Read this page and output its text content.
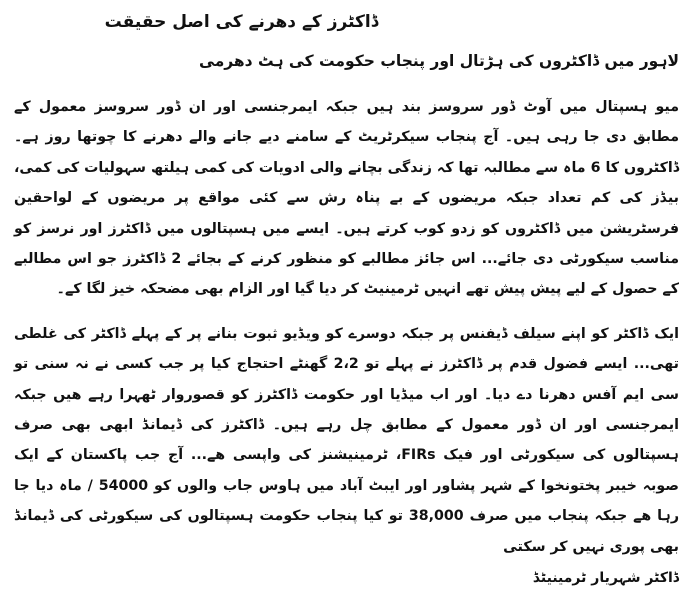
ڈاکٹرز کے دھرنے کی اصل حقیقت
لاہور میں ڈاکٹروں کی ہڑتال اور پنجاب حکومت کی ہٹ دھرمی

میو ہسپتال میں آوٹ ڈور سروسز بند ہیں جبکہ ایمرجنسی اور ان ڈور سروسز معمول کے مطابق دی جا رہی ہیں۔ آج پنجاب سیکرٹریٹ کے سامنے دیے جانے والے دھرنے کا چوتھا روز ہے۔ ڈاکٹروں کا 6 ماہ سے مطالبہ تھا کہ زندگی بچانے والی ادویات کی کمی ہیلتھ سہولیات کی کمی، بیڈز کی کم تعداد جبکہ مریضوں کے بے پناہ رش سے کئی مواقع پر مریضوں کے لواحقین فرسٹریشن میں ڈاکٹروں کو زدو کوب کرتے ہیں۔ ایسے میں ہسپتالوں میں ڈاکٹرز اور نرسز کو مناسب سیکورٹی دی جائے... اس جائز مطالبے کو منظور کرنے کے بجائے 2 ڈاکٹرز جو اس مطالبے کے حصول کے لیے پیش پیش تھے انہیں ٹرمینیٹ کر دیا گیا اور الزام بھی مضحکہ خیز لگا کے۔

ایک ڈاکٹر کو اپنے سیلف ڈیفنس پر جبکہ دوسرے کو ویڈیو ثبوت بنانے پر کے پہلے ڈاکٹر کی غلطی تھی... ایسے فضول قدم پر ڈاکٹرز نے پہلے تو 2،2 گھنٹے احتجاج کیا پر جب کسی نے نہ سنی تو سی ایم آفس دھرنا دے دیا۔ اور اب میڈیا اور حکومت ڈاکٹرز کو قصوروار ٹھہرا رہے ھیں جبکہ ایمرجنسی اور ان ڈور معمول کے مطابق چل رہے ہیں۔ ڈاکٹرز کی ڈیمانڈ ابھی بھی صرف ہسپتالوں کی سیکورٹی اور فیک FIRs، ٹرمینیشنز کی واپسی ھے... آج جب پاکستان کے ایک صوبہ خیبر پختونخوا کے شہر پشاور اور ایبٹ آباد میں ہاوس جاب والوں کو 54000 / ماہ دیا جا رہا ھے جبکہ پنجاب میں صرف 38,000 تو کیا پنجاب حکومت ہسپتالوں کی سیکورٹی کی ڈیمانڈ بھی پوری نہیں کر سکتی

ڈاکٹر شہریار ٹرمینیٹڈ
